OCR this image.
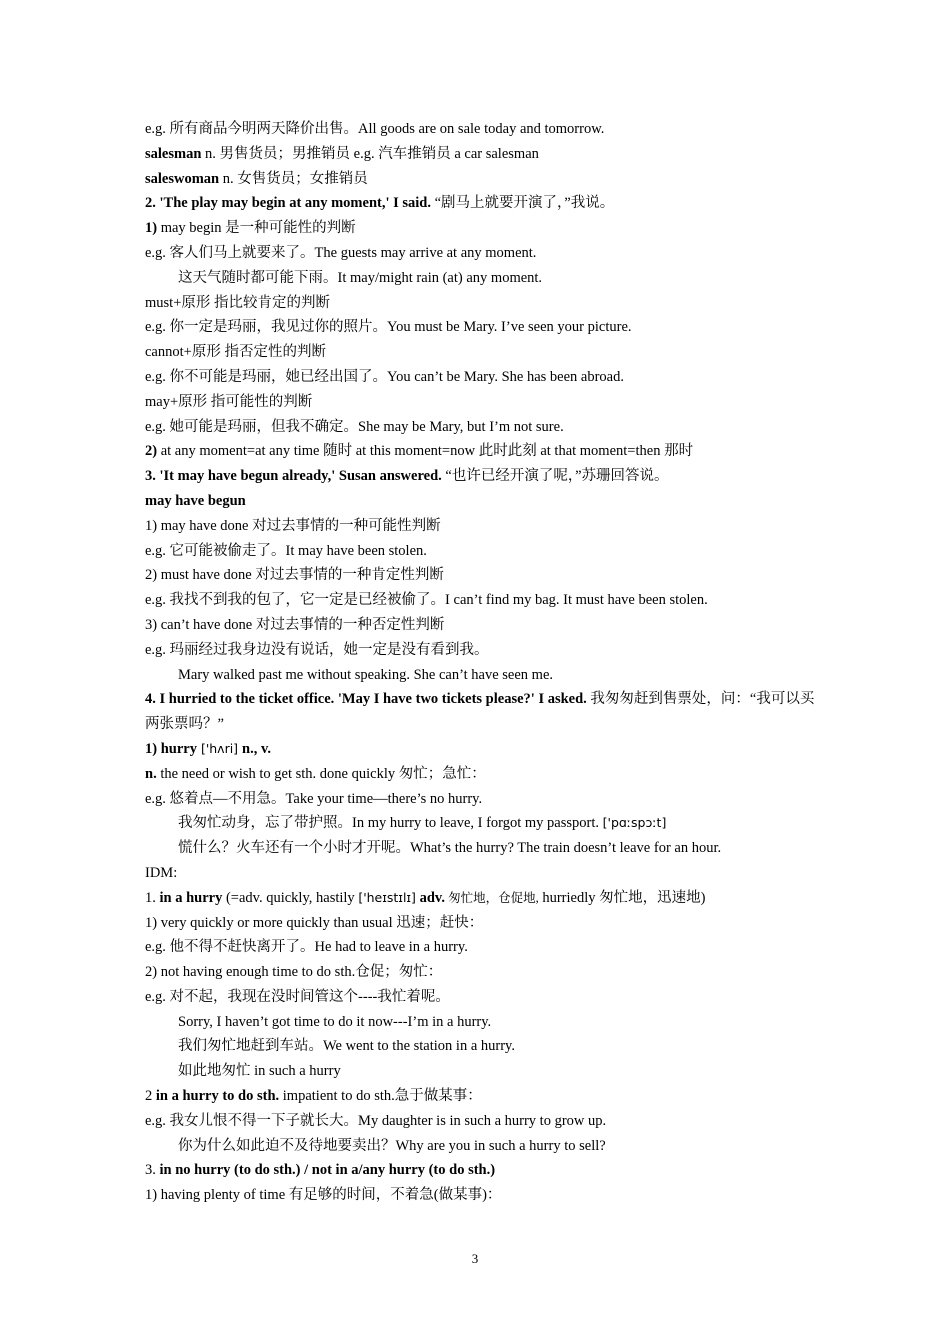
e.g. 所有商品今明两天降价出售。All goods are on sale today and tomorrow.
salesman n. 男售货员；男推销员 e.g. 汽车推销员 a car salesman
saleswoman n. 女售货员；女推销员
2. 'The play may begin at any moment,' I said. “剧马上就要开演了，”我说。
1) may begin 是一种可能性的判断
e.g. 客人们马上就要来了。The guests may arrive at any moment.
这天气随时都可能下雨。It may/might rain (at) any moment.
must+原形 指比较肯定的判断
e.g. 你一定是玛丽，我见过你的照片。You must be Mary. I’ve seen your picture.
cannot+原形 指否定性的判断
e.g. 你不可能是玛丽，她已经出国了。You can’t be Mary. She has been abroad.
may+原形 指可能性的判断
e.g. 她可能是玛丽，但我不确定。She may be Mary, but I’m not sure.
2) at any moment=at any time 随时 at this moment=now 此时此刻 at that moment=then 那时
3. 'It may have begun already,' Susan answered. “也许已经开演了呢，”苏珊回答说。
may have begun
1) may have done 对过去事情的一种可能性判断
e.g. 它可能被偷走了。It may have been stolen.
2) must have done 对过去事情的一种肯定性判断
e.g. 我找不到我的包了，它一定是已经被偷了。I can’t find my bag. It must have been stolen.
3) can’t have done 对过去事情的一种否定性判断
e.g. 玛丽经过我身边没有说话，她一定是没有看到我。
Mary walked past me without speaking. She can’t have seen me.
4. I hurried to the ticket office. 'May I have two tickets please?' I asked. 我匆匆赶到售票处，问：“我可以买两张票吗？”
1) hurry ['hʌri] n., v.
n. the need or wish to get sth. done quickly 匆忙；急忙：
e.g. 悠着点—不用急。Take your time—there’s no hurry.
我匆忙动身，忘了带护照。In my hurry to leave, I forgot my passport. ['pɑːspɔːt]
慌什么？火车还有一个小时才开呢。What’s the hurry? The train doesn’t leave for an hour.
IDM:
1. in a hurry (=adv. quickly, hastily ['heɪstɪlɪ] adv. 匆忙地，仓促地, hurriedly 匆忙地，迅速地)
1) very quickly or more quickly than usual 迅速；赶快：
e.g. 他不得不赶快离开了。He had to leave in a hurry.
2) not having enough time to do sth.仓促；匆忙：
e.g. 对不起，我现在没时间管这个----我忙着呢。
Sorry, I haven’t got time to do it now---I’m in a hurry.
我们匆忙地赶到车站。We went to the station in a hurry.
如此地匆忙 in such a hurry
2 in a hurry to do sth. impatient to do sth.急于做某事：
e.g. 我女儿恨不得一下子就长大。My daughter is in such a hurry to grow up.
你为什么如此迫不及待地要卖出？Why are you in such a hurry to sell?
3. in no hurry (to do sth.) / not in a/any hurry (to do sth.)
1) having plenty of time 有足够的时间，不着急(做某事)：
3
